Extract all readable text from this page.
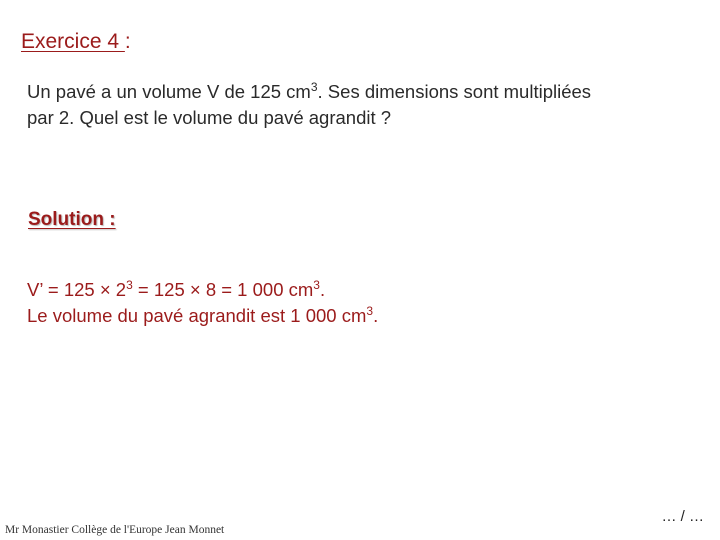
Exercice 4 :
Un pavé a un volume V de 125 $cm^3$. Ses dimensions sont multipliées
par 2. Quel est le volume du pavé agrandit ?
Solution :
V’ = $125 \times 2^3 = 125 \times 8 = 1$ 000 $cm^3$.
Le volume du pavé agrandit est 1 000 $cm^3$.
Mr Monastier Collège de l'Europe Jean Monnet
… / …
